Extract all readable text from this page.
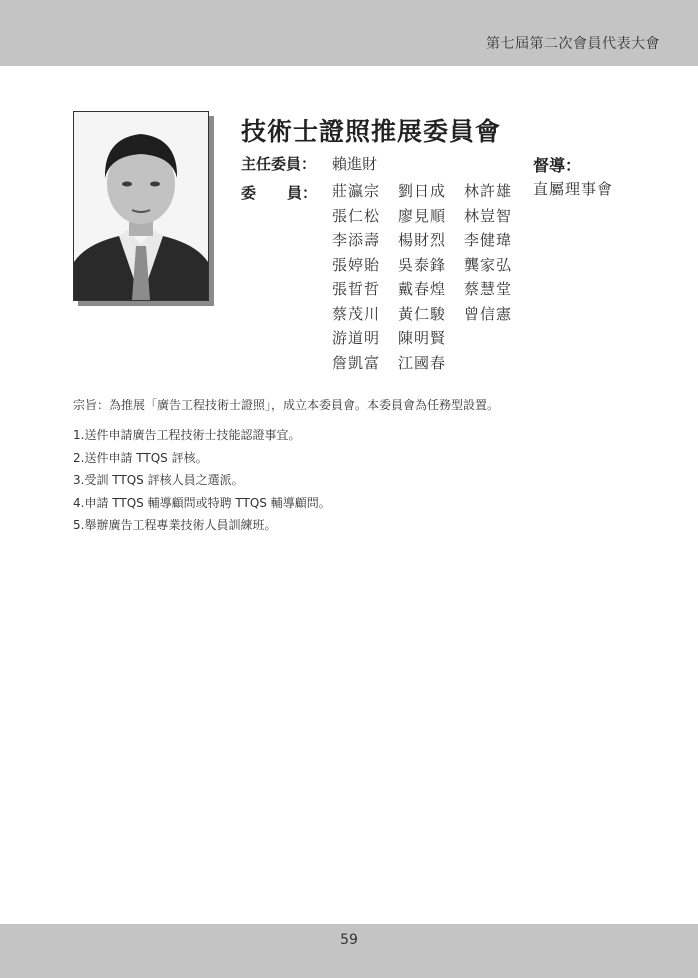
第七屆第二次會員代表大會
技術士證照推展委員會
主任委員： 賴進財
委 員： 莊瀛宗	劉日成	林許雄
張仁松	廖見順	林豈智
李添壽	楊財烈	李健瑋
張婷貽	吳泰鋒	龔家弘
張晢哲	戴春煌	蔡慧堂
蔡茂川	黃仁駿	曾信憲
游道明	陳明賢
詹凱富	江國春
督導：
直屬理事會
宗旨：為推展「廣告工程技術士證照」，成立本委員會。本委員會為任務型設置。
1.送件申請廣告工程技術士技能認證事宜。
2.送件申請 TTQS 評核。
3.受訓 TTQS 評核人員之選派。
4.申請 TTQS 輔導顧問或特聘 TTQS 輔導顧問。
5.舉辦廣告工程專業技術人員訓練班。
59
